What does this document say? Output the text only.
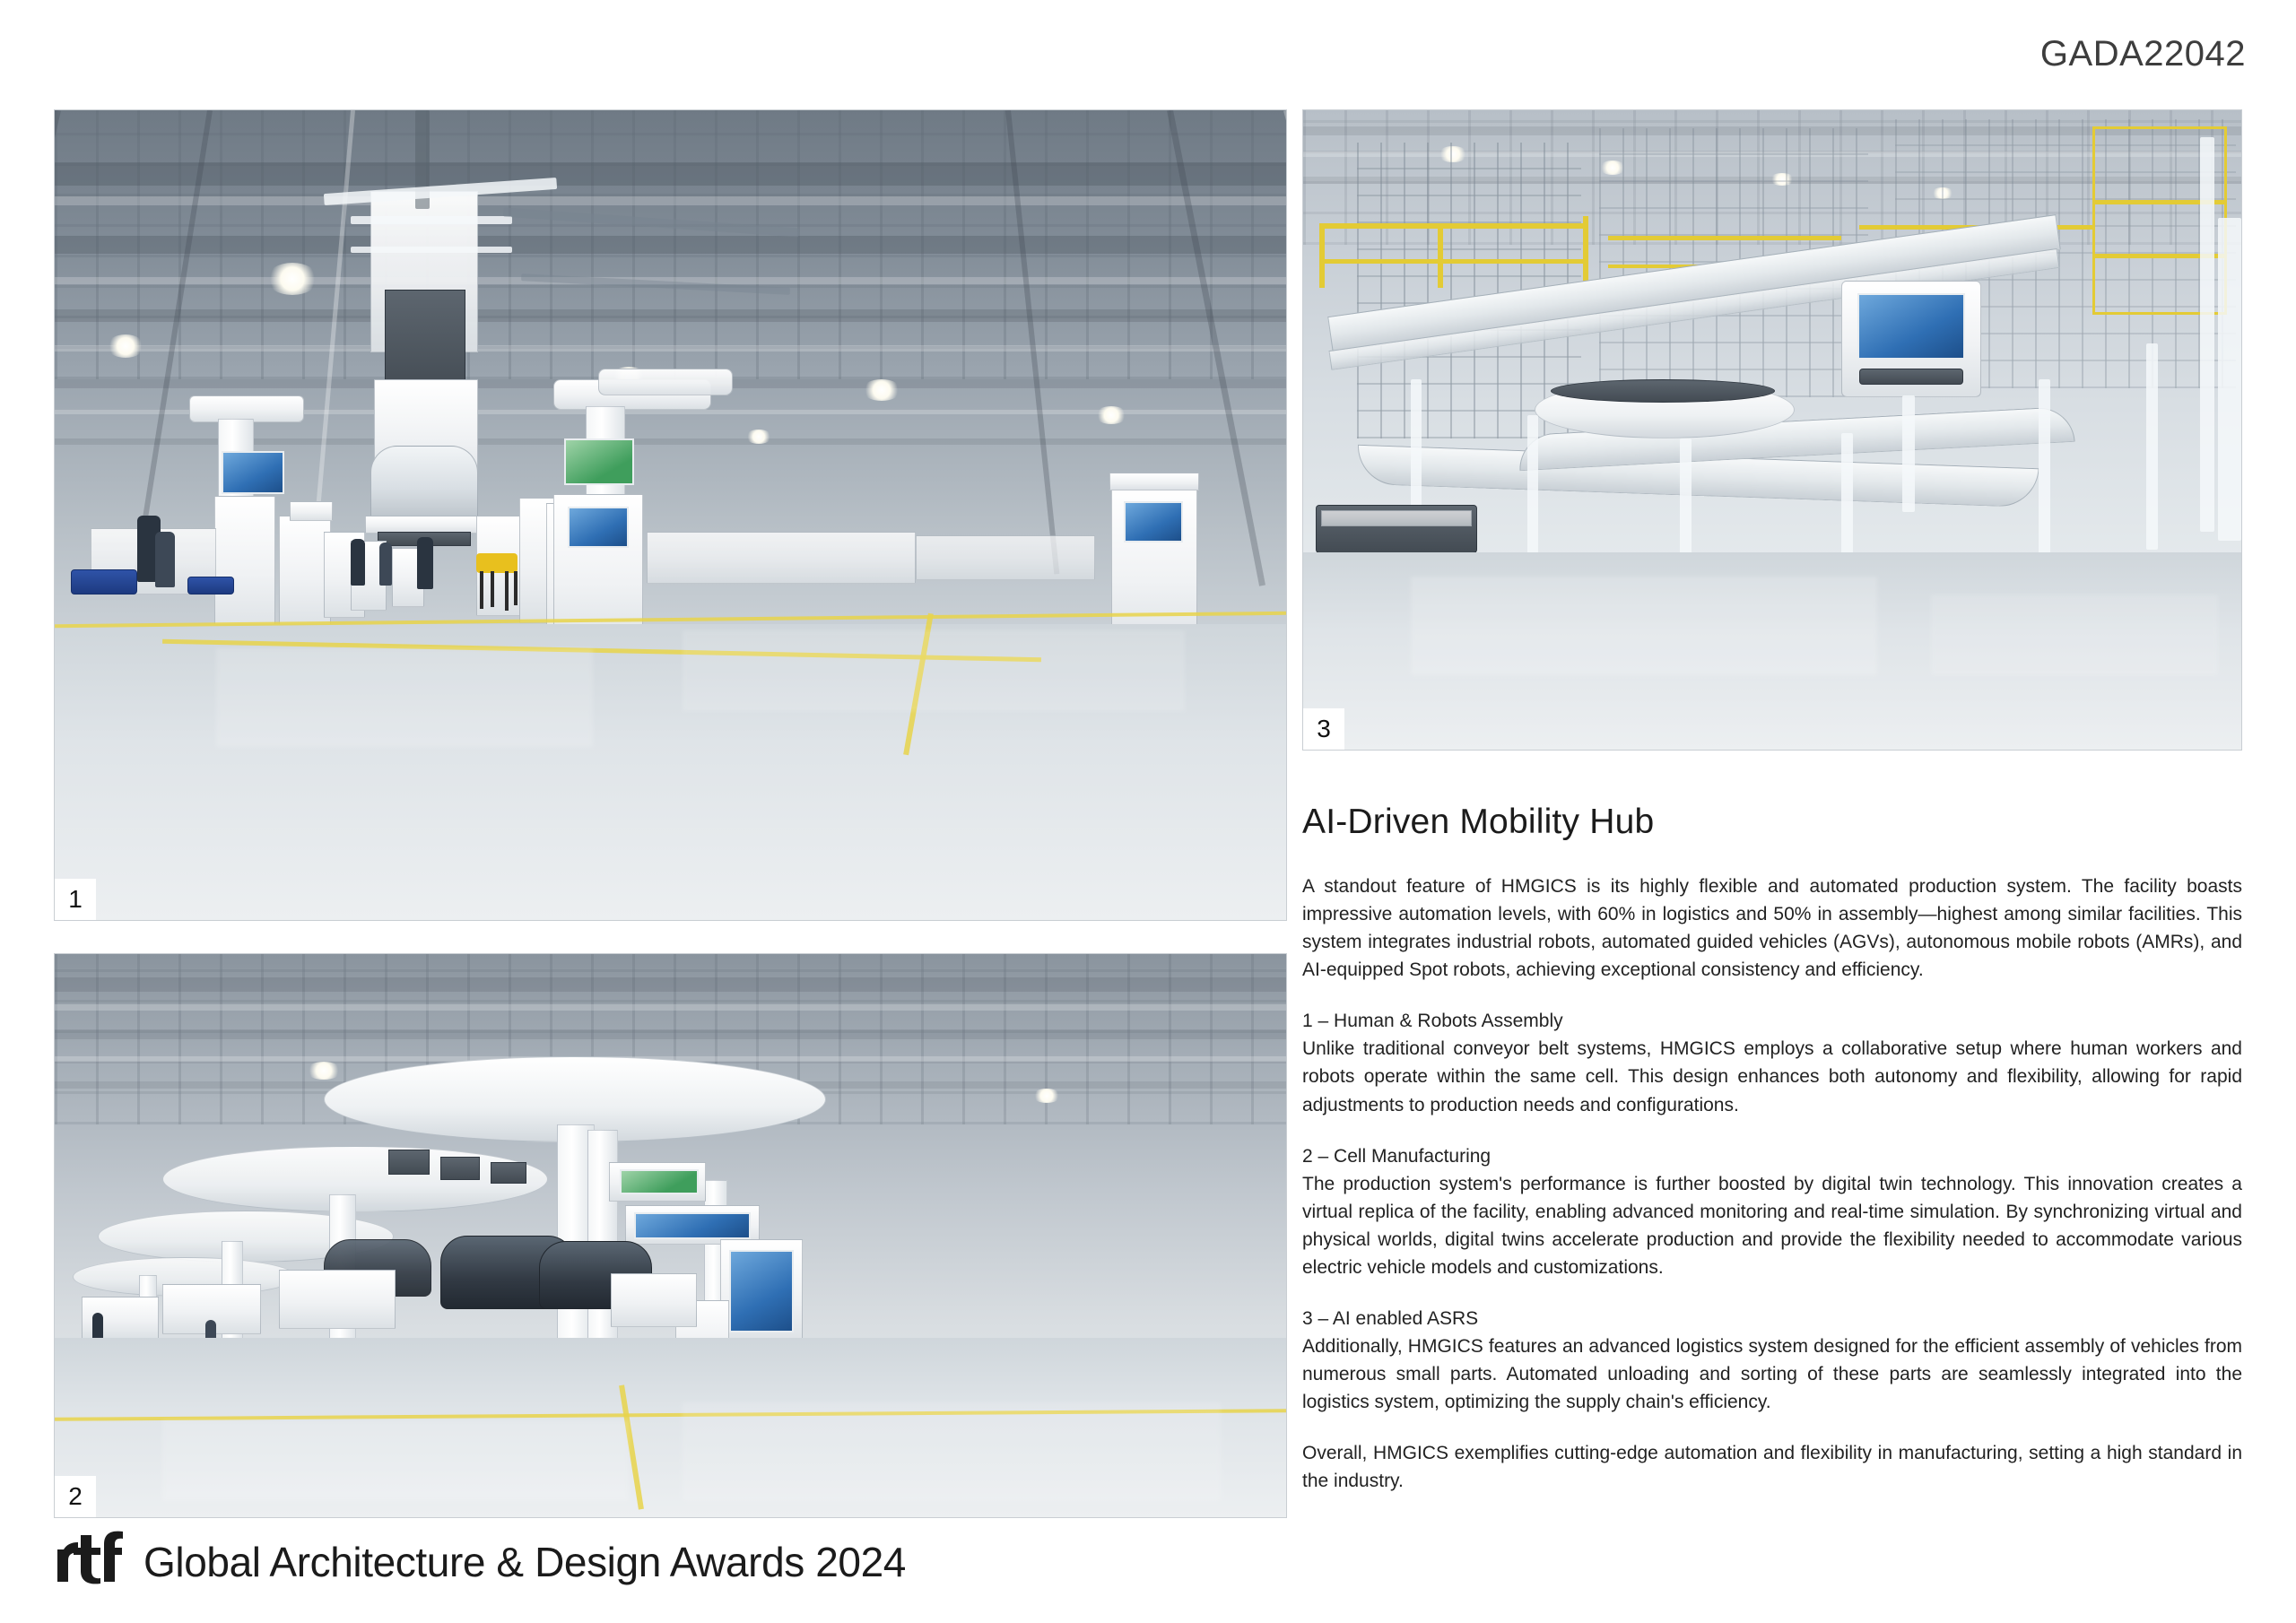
GADA22042
1
2
3
AI-Driven Mobility Hub

A standout feature of HMGICS is its highly flexible and automated production system. The facility boasts impressive automation levels, with 60% in logistics and 50% in assembly—highest among similar facilities. This system integrates industrial robots, automated guided vehicles (AGVs), autonomous mobile robots (AMRs), and AI-equipped Spot robots, achieving exceptional consistency and efficiency.

1 – Human & Robots Assembly

Unlike traditional conveyor belt systems, HMGICS employs a collaborative setup where human workers and robots operate within the same cell. This design enhances both autonomy and flexibility, allowing for rapid adjustments to production needs and configurations.

2 – Cell Manufacturing

The production system's performance is further boosted by digital twin technology. This innovation creates a virtual replica of the facility, enabling advanced monitoring and real-time simulation. By synchronizing virtual and physical worlds, digital twins accelerate production and provide the flexibility needed to accommodate various electric vehicle models and customizations.

3 – AI enabled ASRS

Additionally, HMGICS features an advanced logistics system designed for the efficient assembly of vehicles from numerous small parts. Automated unloading and sorting of these parts are seamlessly integrated into the logistics system, optimizing the supply chain's efficiency.

Overall, HMGICS exemplifies cutting-edge automation and flexibility in manufacturing, setting a high standard in the industry.

Global Architecture & Design Awards 2024
